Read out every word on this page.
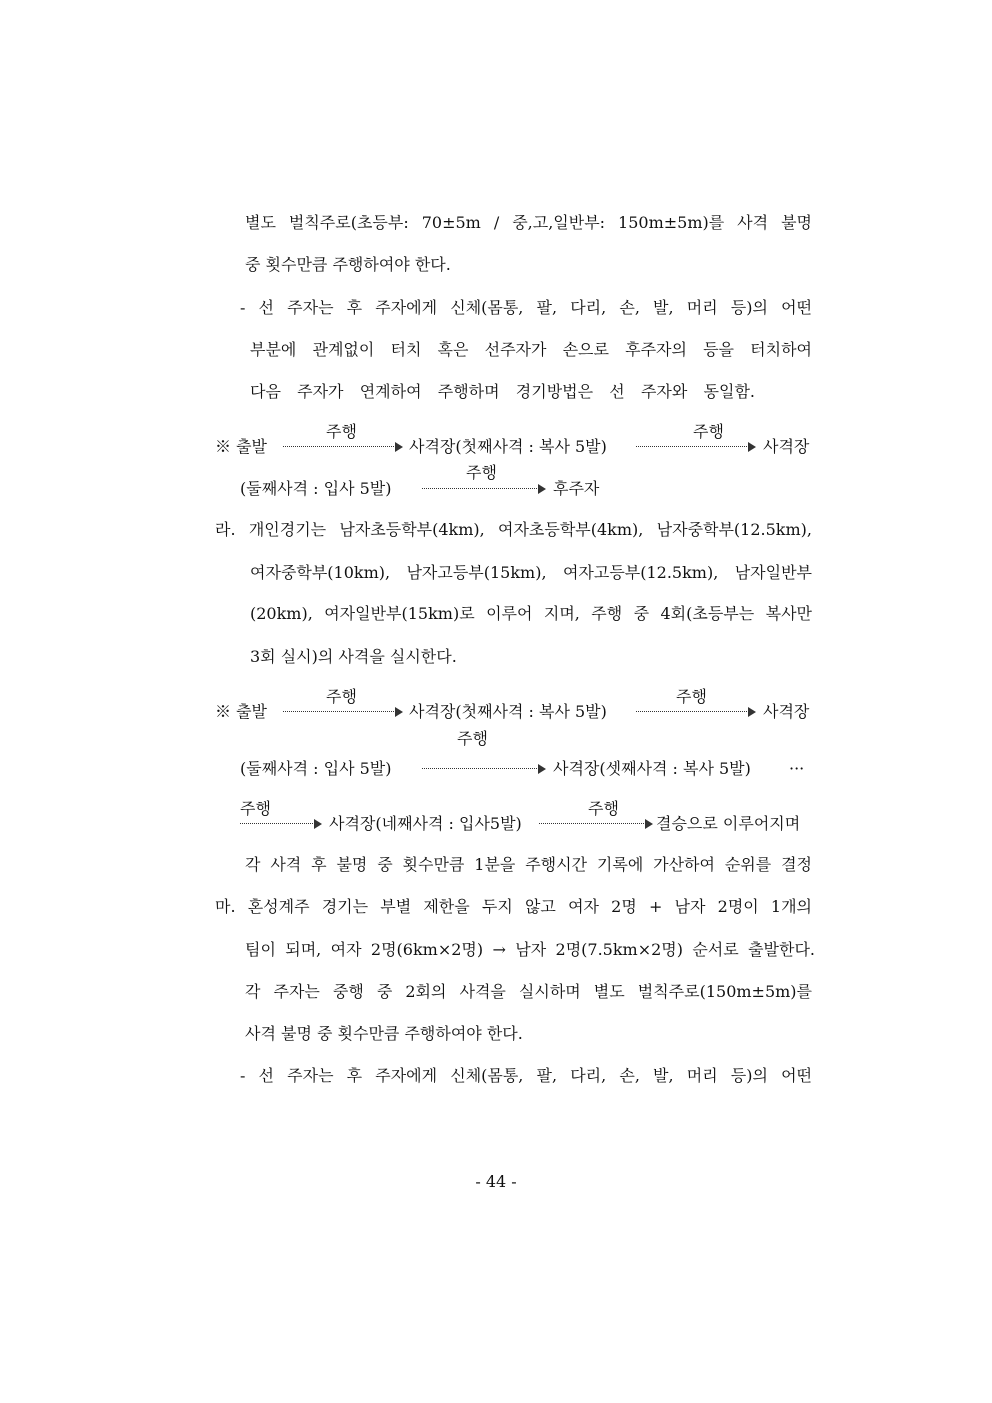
별도 벌칙주로(초등부: 70±5m / 중,고,일반부: 150m±5m)를 사격 불명
중 횟수만큼 주행하여야 한다.
- 선 주자는 후 주자에게 신체(몸통, 팔, 다리, 손, 발, 머리 등)의 어떤
부분에 관계없이 터치 혹은 선주자가 손으로 후주자의 등을 터치하여
다음 주자가 연계하여 주행하며 경기방법은 선 주자와 동일함.
※ 출발
주행
사격장(첫째사격 : 복사 5발)
주행
사격장
(둘째사격 : 입사 5발)
주행
후주자
라. 개인경기는 남자초등학부(4km), 여자초등학부(4km), 남자중학부(12.5km),
여자중학부(10km), 남자고등부(15km), 여자고등부(12.5km), 남자일반부
(20km), 여자일반부(15km)로 이루어 지며, 주행 중 4회(초등부는 복사만
3회 실시)의 사격을 실시한다.
※ 출발
주행
사격장(첫째사격 : 복사 5발)
주행
사격장
(둘째사격 : 입사 5발)
주행
사격장(셋째사격 : 복사 5발) ···
주행
사격장(네째사격 : 입사5발)
주행
결승으로 이루어지며
각 사격 후 불명 중 횟수만큼 1분을 주행시간 기록에 가산하여 순위를 결정
마. 혼성계주 경기는 부별 제한을 두지 않고 여자 2명 + 남자 2명이 1개의
팀이 되며, 여자 2명(6km×2명) → 남자 2명(7.5km×2명) 순서로 출발한다.
각 주자는 중행 중 2회의 사격을 실시하며 별도 벌칙주로(150m±5m)를
사격 불명 중 횟수만큼 주행하여야 한다.
- 선 주자는 후 주자에게 신체(몸통, 팔, 다리, 손, 발, 머리 등)의 어떤
- 44 -
